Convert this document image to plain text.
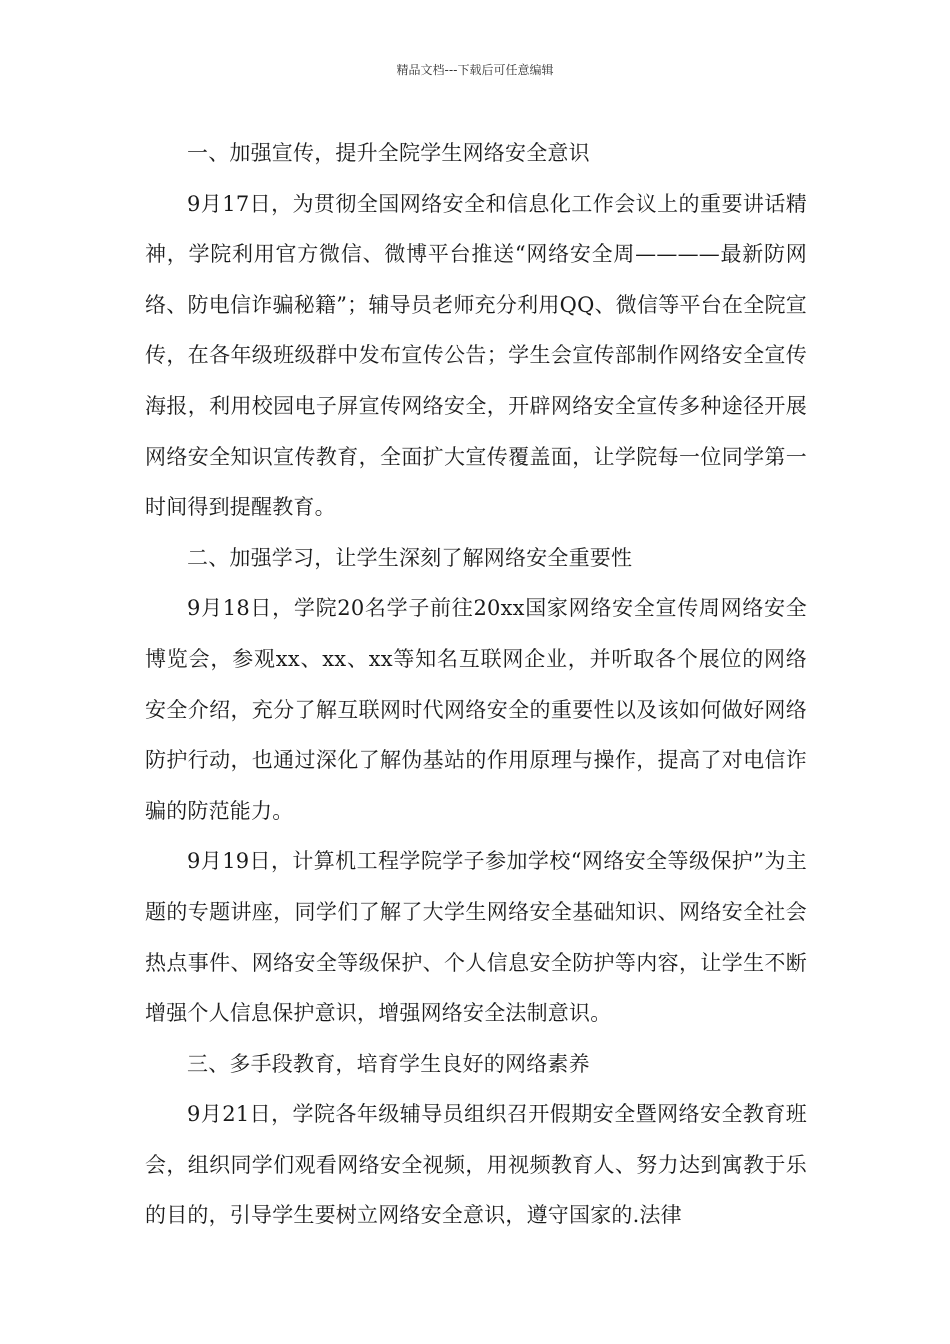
精品文档---下载后可任意编辑

一、加强宣传，提升全院学生网络安全意识

9月17日，为贯彻全国网络安全和信息化工作会议上的重要讲话精神，学院利用官方微信、微博平台推送“网络安全周————最新防网络、防电信诈骗秘籍”；辅导员老师充分利用QQ、微信等平台在全院宣传，在各年级班级群中发布宣传公告；学生会宣传部制作网络安全宣传海报，利用校园电子屏宣传网络安全，开辟网络安全宣传多种途径开展网络安全知识宣传教育，全面扩大宣传覆盖面，让学院每一位同学第一时间得到提醒教育。

二、加强学习，让学生深刻了解网络安全重要性

9月18日，学院20名学子前往20xx国家网络安全宣传周网络安全博览会，参观xx、xx、xx等知名互联网企业，并听取各个展位的网络安全介绍，充分了解互联网时代网络安全的重要性以及该如何做好网络防护行动，也通过深化了解伪基站的作用原理与操作，提高了对电信诈骗的防范能力。

9月19日，计算机工程学院学子参加学校“网络安全等级保护”为主题的专题讲座，同学们了解了大学生网络安全基础知识、网络安全社会热点事件、网络安全等级保护、个人信息安全防护等内容，让学生不断增强个人信息保护意识，增强网络安全法制意识。

三、多手段教育，培育学生良好的网络素养

9月21日，学院各年级辅导员组织召开假期安全暨网络安全教育班会，组织同学们观看网络安全视频，用视频教育人、努力达到寓教于乐的目的，引导学生要树立网络安全意识，遵守国家的.法律
